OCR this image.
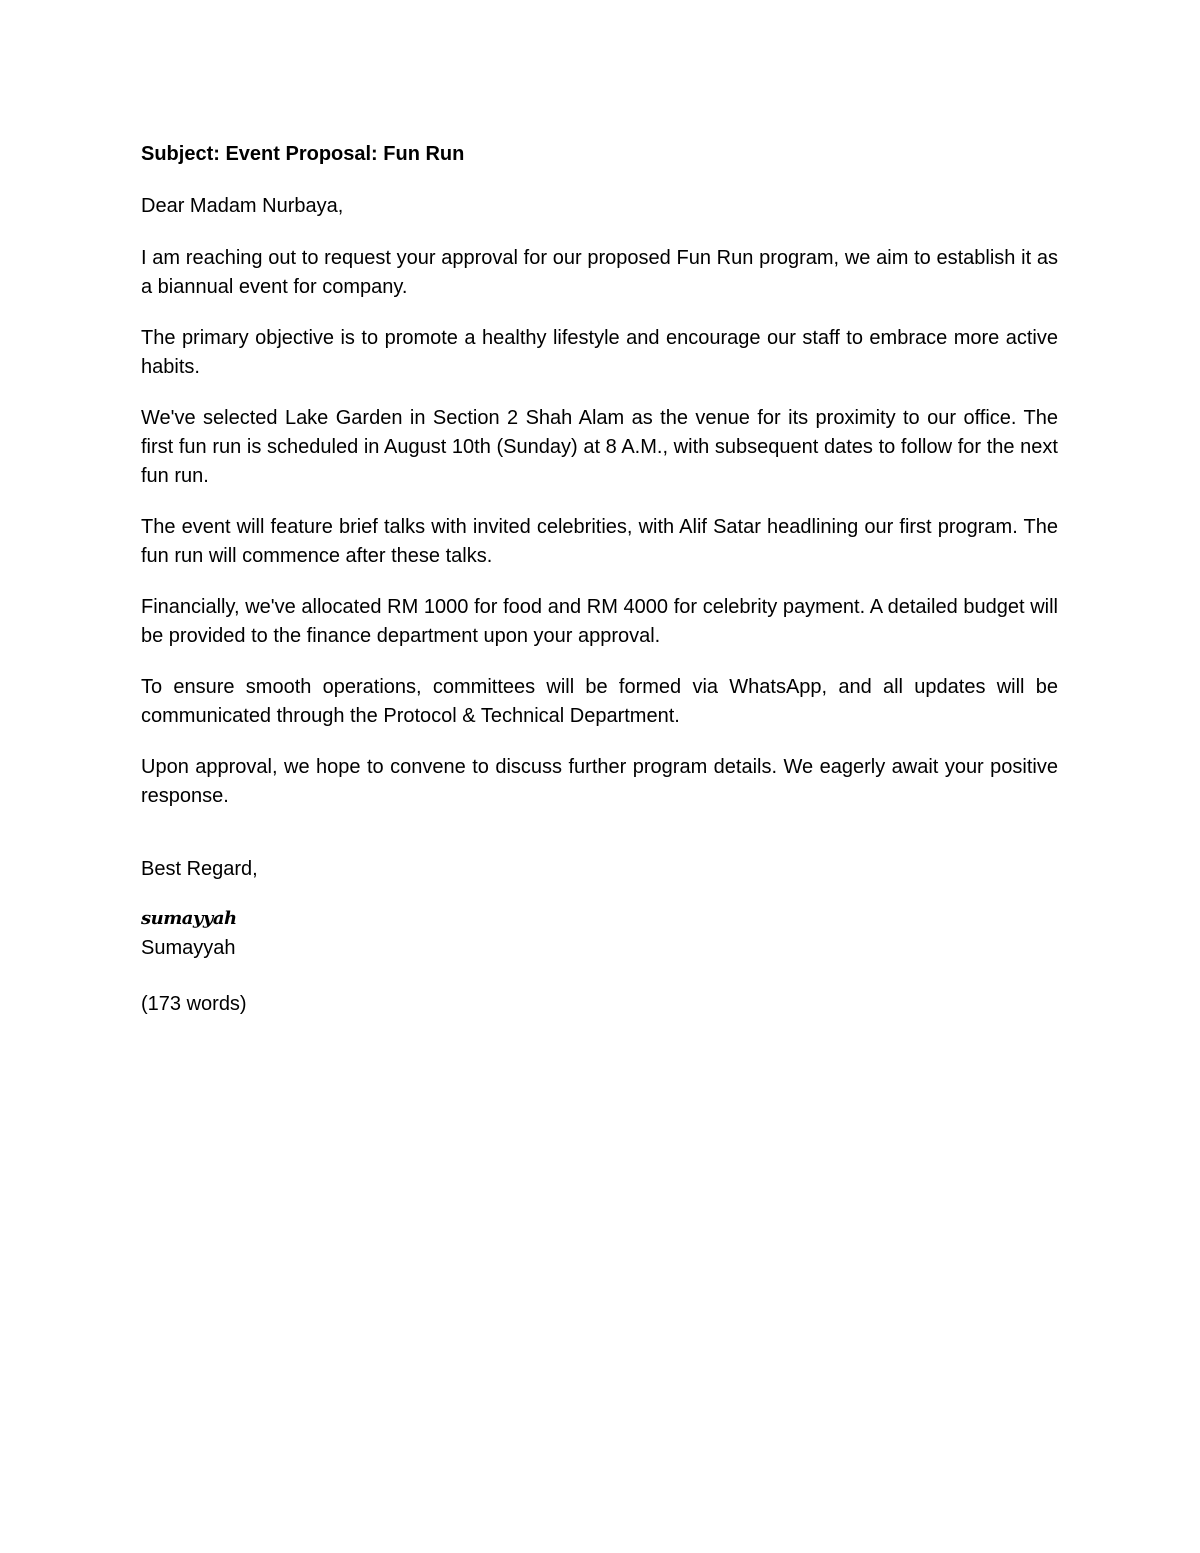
Subject: Event Proposal: Fun Run

Dear Madam Nurbaya,

I am reaching out to request your approval for our proposed Fun Run program, we aim to establish it as a biannual event for company.

The primary objective is to promote a healthy lifestyle and encourage our staff to embrace more active habits.

We've selected Lake Garden in Section 2 Shah Alam as the venue for its proximity to our office. The first fun run is scheduled in August 10th (Sunday) at 8 A.M., with subsequent dates to follow for the next fun run.

The event will feature brief talks with invited celebrities, with Alif Satar headlining our first program. The fun run will commence after these talks.

Financially, we've allocated RM 1000 for food and RM 4000 for celebrity payment. A detailed budget will be provided to the finance department upon your approval.

To ensure smooth operations, committees will be formed via WhatsApp, and all updates will be communicated through the Protocol & Technical Department.

Upon approval, we hope to convene to discuss further program details. We eagerly await your positive response.

Best Regard,

sumayyah

Sumayyah

(173 words)
